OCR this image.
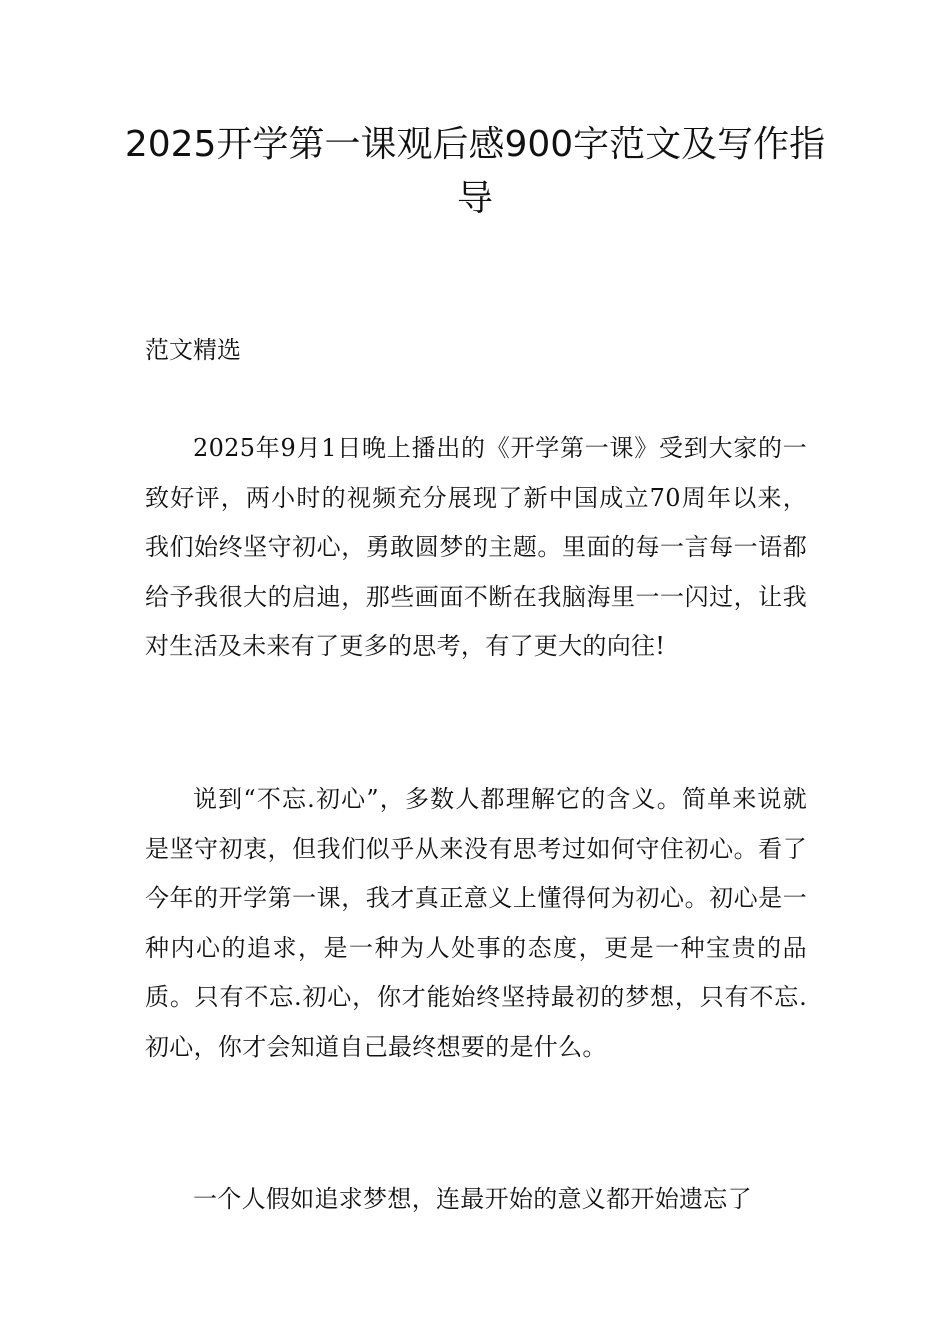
2025开学第一课观后感900字范文及写作指导

范文精选

2025年9月1日晚上播出的《开学第一课》受到大家的一致好评，两小时的视频充分展现了新中国成立70周年以来，我们始终坚守初心，勇敢圆梦的主题。里面的每一言每一语都给予我很大的启迪，那些画面不断在我脑海里一一闪过，让我对生活及未来有了更多的思考，有了更大的向往!

说到“不忘.初心”，多数人都理解它的含义。简单来说就是坚守初衷，但我们似乎从来没有思考过如何守住初心。看了今年的开学第一课，我才真正意义上懂得何为初心。初心是一种内心的追求，是一种为人处事的态度，更是一种宝贵的品质。只有不忘.初心，你才能始终坚持最初的梦想，只有不忘.初心，你才会知道自己最终想要的是什么。

一个人假如追求梦想，连最开始的意义都开始遗忘了
